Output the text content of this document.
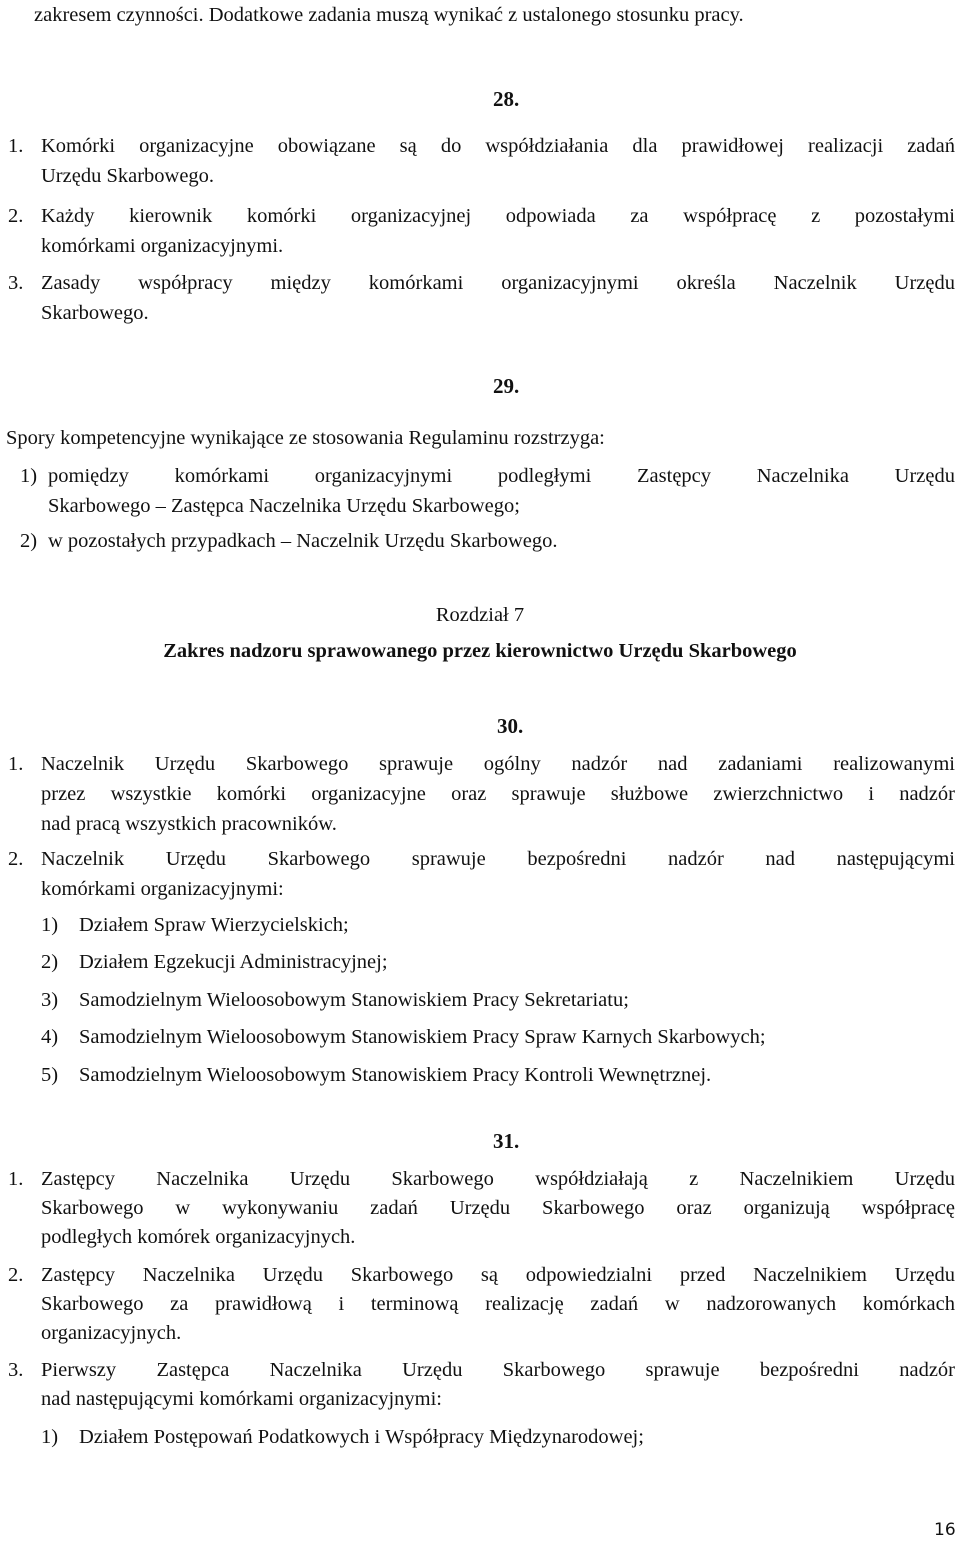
zakresem czynności. Dodatkowe zadania muszą wynikać z ustalonego stosunku pracy.
28.
1. Komórki organizacyjne obowiązane są do współdziałania dla prawidłowej realizacji zadań
Urzędu Skarbowego.
2. Każdy kierownik komórki organizacyjnej odpowiada za współpracę z pozostałymi
komórkami organizacyjnymi.
3. Zasady współpracy między komórkami organizacyjnymi określa Naczelnik Urzędu
Skarbowego.
29.
Spory kompetencyjne wynikające ze stosowania Regulaminu rozstrzyga:
1) pomiędzy komórkami organizacyjnymi podległymi Zastępcy Naczelnika Urzędu
Skarbowego – Zastępca Naczelnika Urzędu Skarbowego;
2) w pozostałych przypadkach – Naczelnik Urzędu Skarbowego.
Rozdział 7
Zakres nadzoru sprawowanego przez kierownictwo Urzędu Skarbowego
30.
1. Naczelnik Urzędu Skarbowego sprawuje ogólny nadzór nad zadaniami realizowanymi
przez wszystkie komórki organizacyjne oraz sprawuje służbowe zwierzchnictwo i nadzór
nad pracą wszystkich pracowników.
2. Naczelnik Urzędu Skarbowego sprawuje bezpośredni nadzór nad następującymi
komórkami organizacyjnymi:
1) Działem Spraw Wierzycielskich;
2) Działem Egzekucji Administracyjnej;
3) Samodzielnym Wieloosobowym Stanowiskiem Pracy Sekretariatu;
4) Samodzielnym Wieloosobowym Stanowiskiem Pracy Spraw Karnych Skarbowych;
5) Samodzielnym Wieloosobowym Stanowiskiem Pracy Kontroli Wewnętrznej.
31.
1. Zastępcy Naczelnika Urzędu Skarbowego współdziałają z Naczelnikiem Urzędu
Skarbowego w wykonywaniu zadań Urzędu Skarbowego oraz organizują współpracę
podległych komórek organizacyjnych.
2. Zastępcy Naczelnika Urzędu Skarbowego są odpowiedzialni przed Naczelnikiem Urzędu
Skarbowego za prawidłową i terminową realizację zadań w nadzorowanych komórkach
organizacyjnych.
3. Pierwszy Zastępca Naczelnika Urzędu Skarbowego sprawuje bezpośredni nadzór
nad następującymi komórkami organizacyjnymi:
1) Działem Postępowań Podatkowych i Współpracy Międzynarodowej;
16
